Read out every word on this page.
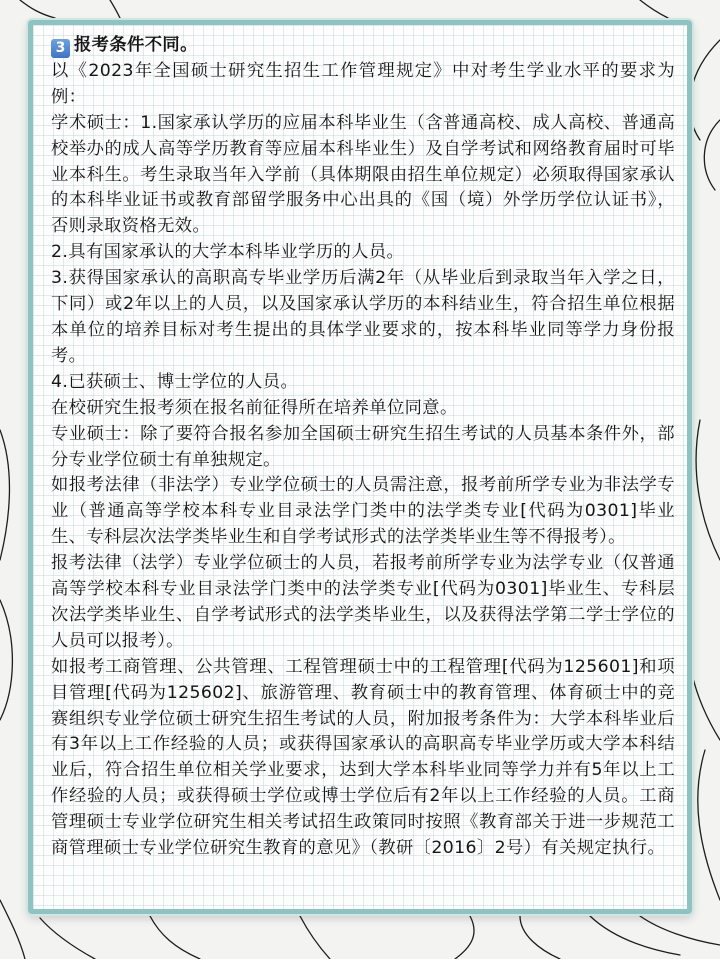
3 报考条件不同。

以《2023年全国硕士研究生招生工作管理规定》中对考生学业水平的要求为例：

学术硕士：1.国家承认学历的应届本科毕业生（含普通高校、成人高校、普通高校举办的成人高等学历教育等应届本科毕业生）及自学考试和网络教育届时可毕业本科生。考生录取当年入学前（具体期限由招生单位规定）必须取得国家承认的本科毕业证书或教育部留学服务中心出具的《国（境）外学历学位认证书》，否则录取资格无效。

2.具有国家承认的大学本科毕业学历的人员。

3.获得国家承认的高职高专毕业学历后满2年（从毕业后到录取当年入学之日，下同）或2年以上的人员，以及国家承认学历的本科结业生，符合招生单位根据本单位的培养目标对考生提出的具体学业要求的，按本科毕业同等学力身份报考。

4.已获硕士、博士学位的人员。

在校研究生报考须在报名前征得所在培养单位同意。

专业硕士：除了要符合报名参加全国硕士研究生招生考试的人员基本条件外，部分专业学位硕士有单独规定。

如报考法律（非法学）专业学位硕士的人员需注意，报考前所学专业为非法学专业（普通高等学校本科专业目录法学门类中的法学类专业[代码为0301]毕业生、专科层次法学类毕业生和自学考试形式的法学类毕业生等不得报考）。

报考法律（法学）专业学位硕士的人员，若报考前所学专业为法学专业（仅普通高等学校本科专业目录法学门类中的法学类专业[代码为0301]毕业生、专科层次法学类毕业生、自学考试形式的法学类毕业生，以及获得法学第二学士学位的人员可以报考）。

如报考工商管理、公共管理、工程管理硕士中的工程管理[代码为125601]和项目管理[代码为125602]、旅游管理、教育硕士中的教育管理、体育硕士中的竞赛组织专业学位硕士研究生招生考试的人员，附加报考条件为：大学本科毕业后有3年以上工作经验的人员；或获得国家承认的高职高专毕业学历或大学本科结业后，符合招生单位相关学业要求，达到大学本科毕业同等学力并有5年以上工作经验的人员；或获得硕士学位或博士学位后有2年以上工作经验的人员。工商管理硕士专业学位研究生相关考试招生政策同时按照《教育部关于进一步规范工商管理硕士专业学位研究生教育的意见》（教研〔2016〕2号）有关规定执行。
